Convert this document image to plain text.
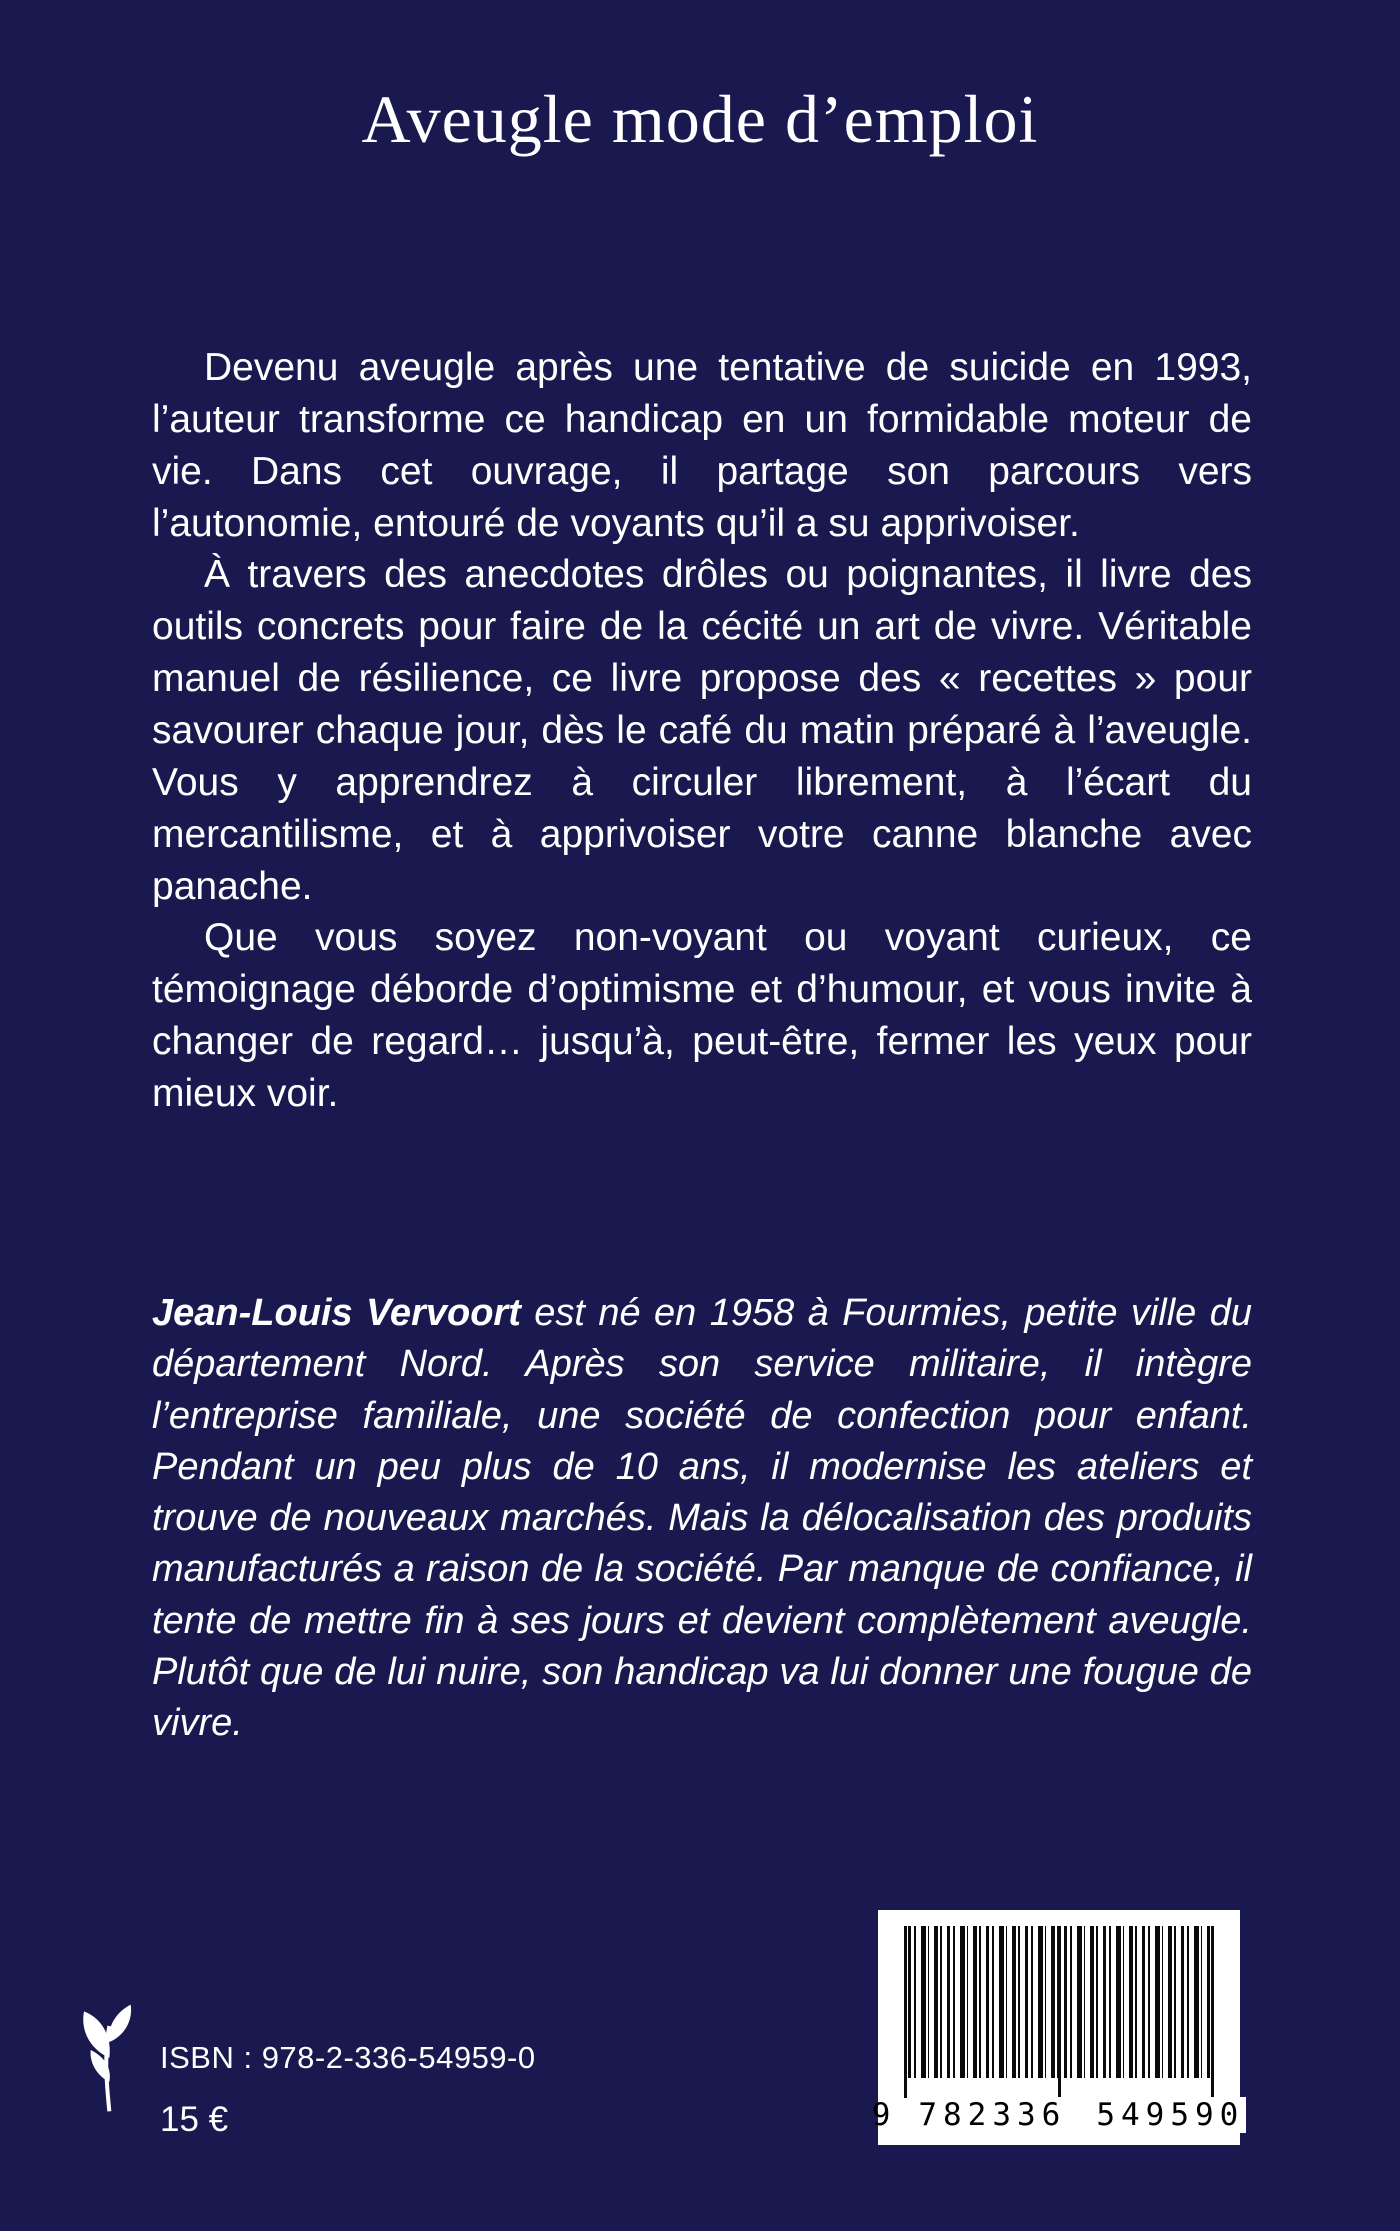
Aveugle mode d’emploi

Devenu aveugle après une tentative de suicide en 1993, l’auteur transforme ce handicap en un formidable moteur de vie. Dans cet ouvrage, il partage son parcours vers l’autonomie, entouré de voyants qu’il a su apprivoiser.

À travers des anecdotes drôles ou poignantes, il livre des outils concrets pour faire de la cécité un art de vivre. Véritable manuel de résilience, ce livre propose des « recettes » pour savourer chaque jour, dès le café du matin préparé à l’aveugle. Vous y apprendrez à circuler librement, à l’écart du mercantilisme, et à apprivoiser votre canne blanche avec panache.

Que vous soyez non-voyant ou voyant curieux, ce témoignage déborde d’optimisme et d’humour, et vous invite à changer de regard… jusqu’à, peut-être, fermer les yeux pour mieux voir.

Jean-Louis Vervoort est né en 1958 à Fourmies, petite ville du département Nord. Après son service militaire, il intègre l’entreprise familiale, une société de confection pour enfant. Pendant un peu plus de 10 ans, il modernise les ateliers et trouve de nouveaux marchés. Mais la délocalisation des produits manufacturés a raison de la société. Par manque de confiance, il tente de mettre fin à ses jours et devient complètement aveugle. Plutôt que de lui nuire, son handicap va lui donner une fougue de vivre.

ISBN : 978-2-336-54959-0
15 €	9 782336 549590
